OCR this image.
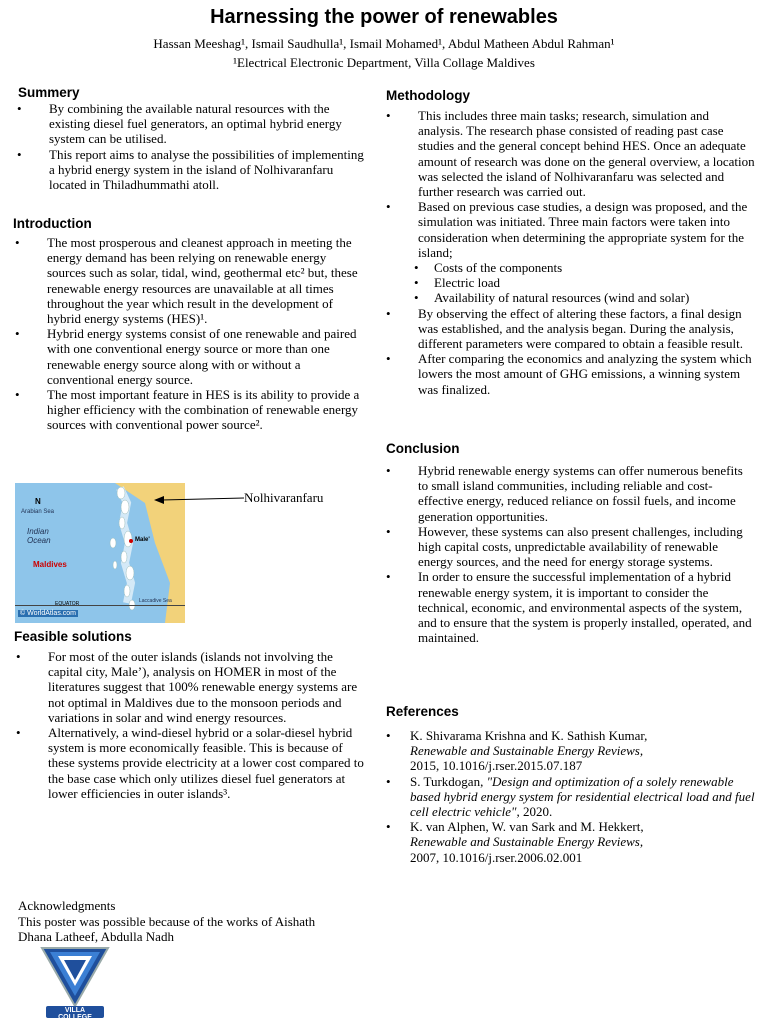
Harnessing the power of renewables
Hassan Meeshag¹, Ismail Saudhulla¹, Ismail Mohamed¹, Abdul Matheen Abdul Rahman¹
¹Electrical Electronic Department, Villa Collage Maldives
Summery
• By combining the available natural resources with the existing diesel fuel generators, an optimal hybrid energy system can be utilised.
• This report aims to analyse the possibilities of implementing a hybrid energy system in the island of Nolhivaranfaru located in Thiladhummathi atoll.
Introduction
• The most prosperous and cleanest approach in meeting the energy demand has been relying on renewable energy sources such as solar, tidal, wind, geothermal etc² but, these renewable energy resources are unavailable at all times throughout the year which result in the development of hybrid energy systems (HES)¹.
• Hybrid energy systems consist of one renewable and paired with one conventional energy source or more than one renewable energy source along with or without a conventional energy source.
• The most important feature in HES is its ability to provide a higher efficiency with the combination of renewable energy sources with conventional power source².
N
Arabian Sea
Indian Ocean
Maldives
Male'
Laccadive Sea
EQUATOR
© WorldAtlas.com
Nolhivaranfaru
Feasible solutions
• For most of the outer islands (islands not involving the capital city, Male’), analysis on HOMER in most of the literatures suggest that 100% renewable energy systems are not optimal in Maldives due to the monsoon periods and variations in solar and wind energy resources.
• Alternatively, a wind-diesel hybrid or a solar-diesel hybrid system is more economically feasible. This is because of these systems provide electricity at a lower cost compared to the base case which only utilizes diesel fuel generators at lower efficiencies in outer islands³.
Acknowledgments
This poster was possible because of the works of Aishath Dhana Latheef, Abdulla Nadh
VILLA COLLEGE
Methodology
• This includes three main tasks; research, simulation and analysis. The research phase consisted of reading past case studies and the general concept behind HES. Once an adequate amount of research was done on the general overview, a location was selected the island of Nolhivaranfaru was selected and further research was carried out.
• Based on previous case studies, a design was proposed, and the simulation was initiated. Three main factors were taken into consideration when determining the appropriate system for the island;
• Costs of the components
• Electric load
• Availability of natural resources (wind and solar)
• By observing the effect of altering these factors, a final design was established, and the analysis began. During the analysis, different parameters were compared to obtain a feasible result.
• After comparing the economics and analyzing the system which lowers the most amount of GHG emissions, a winning system was finalized.
Conclusion
• Hybrid renewable energy systems can offer numerous benefits to small island communities, including reliable and cost-effective energy, reduced reliance on fossil fuels, and income generation opportunities.
• However, these systems can also present challenges, including high capital costs, unpredictable availability of renewable energy sources, and the need for energy storage systems.
• In order to ensure the successful implementation of a hybrid renewable energy system, it is important to consider the technical, economic, and environmental aspects of the system, and to ensure that the system is properly installed, operated, and maintained.
References
• K. Shivarama Krishna and K. Sathish Kumar,
Renewable and Sustainable Energy Reviews,
2015, 10.1016/j.rser.2015.07.187
• S. Turkdogan, "Design and optimization of a solely renewable based hybrid energy system for residential electrical load and fuel cell electric vehicle", 2020.
• K. van Alphen, W. van Sark and M. Hekkert,
Renewable and Sustainable Energy Reviews,
2007, 10.1016/j.rser.2006.02.001
